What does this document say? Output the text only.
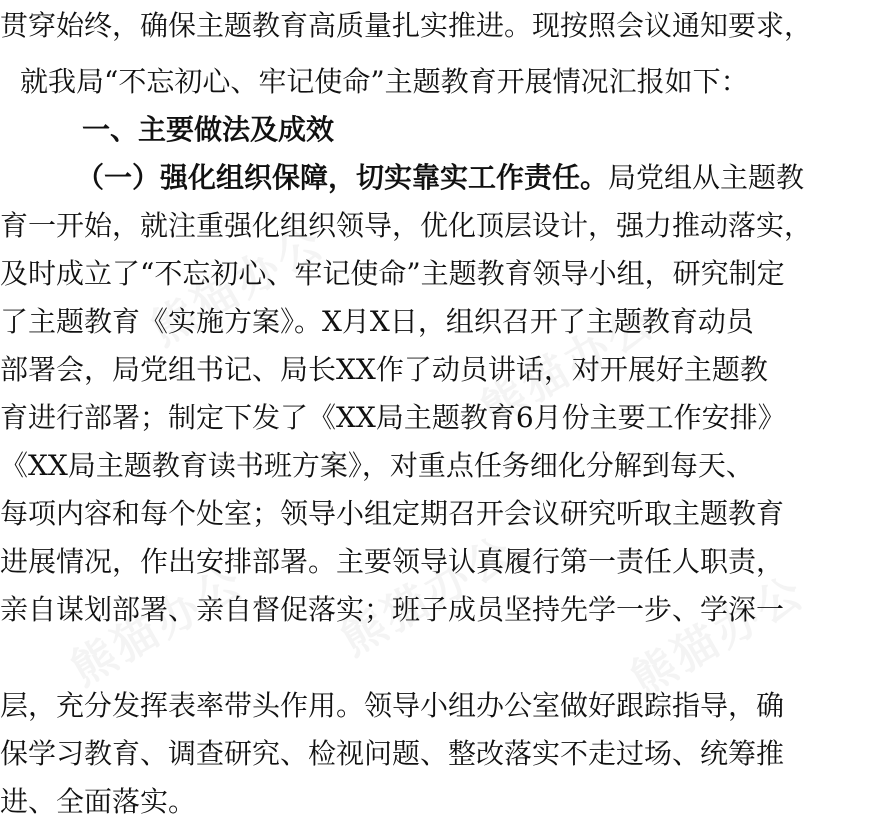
熊猫办公
熊猫办公
熊猫办公 熊猫办公 熊猫办公
贯穿始终，确保主题教育高质量扎实推进。现按照会议通知要求，
就我局“不忘初心、牢记使命”主题教育开展情况汇报如下：
一、主要做法及成效
（一）强化组织保障，切实靠实工作责任。局党组从主题教
育一开始，就注重强化组织领导，优化顶层设计，强力推动落实，
及时成立了“不忘初心、牢记使命”主题教育领导小组，研究制定
了主题教育《实施方案》。X月X日，组织召开了主题教育动员
部署会，局党组书记、局长XX作了动员讲话，对开展好主题教
育进行部署；制定下发了《XX局主题教育6月份主要工作安排》
《XX局主题教育读书班方案》，对重点任务细化分解到每天、
每项内容和每个处室；领导小组定期召开会议研究听取主题教育
进展情况，作出安排部署。主要领导认真履行第一责任人职责，
亲自谋划部署、亲自督促落实；班子成员坚持先学一步、学深一
层，充分发挥表率带头作用。领导小组办公室做好跟踪指导，确
保学习教育、调查研究、检视问题、整改落实不走过场、统筹推
进、全面落实。
